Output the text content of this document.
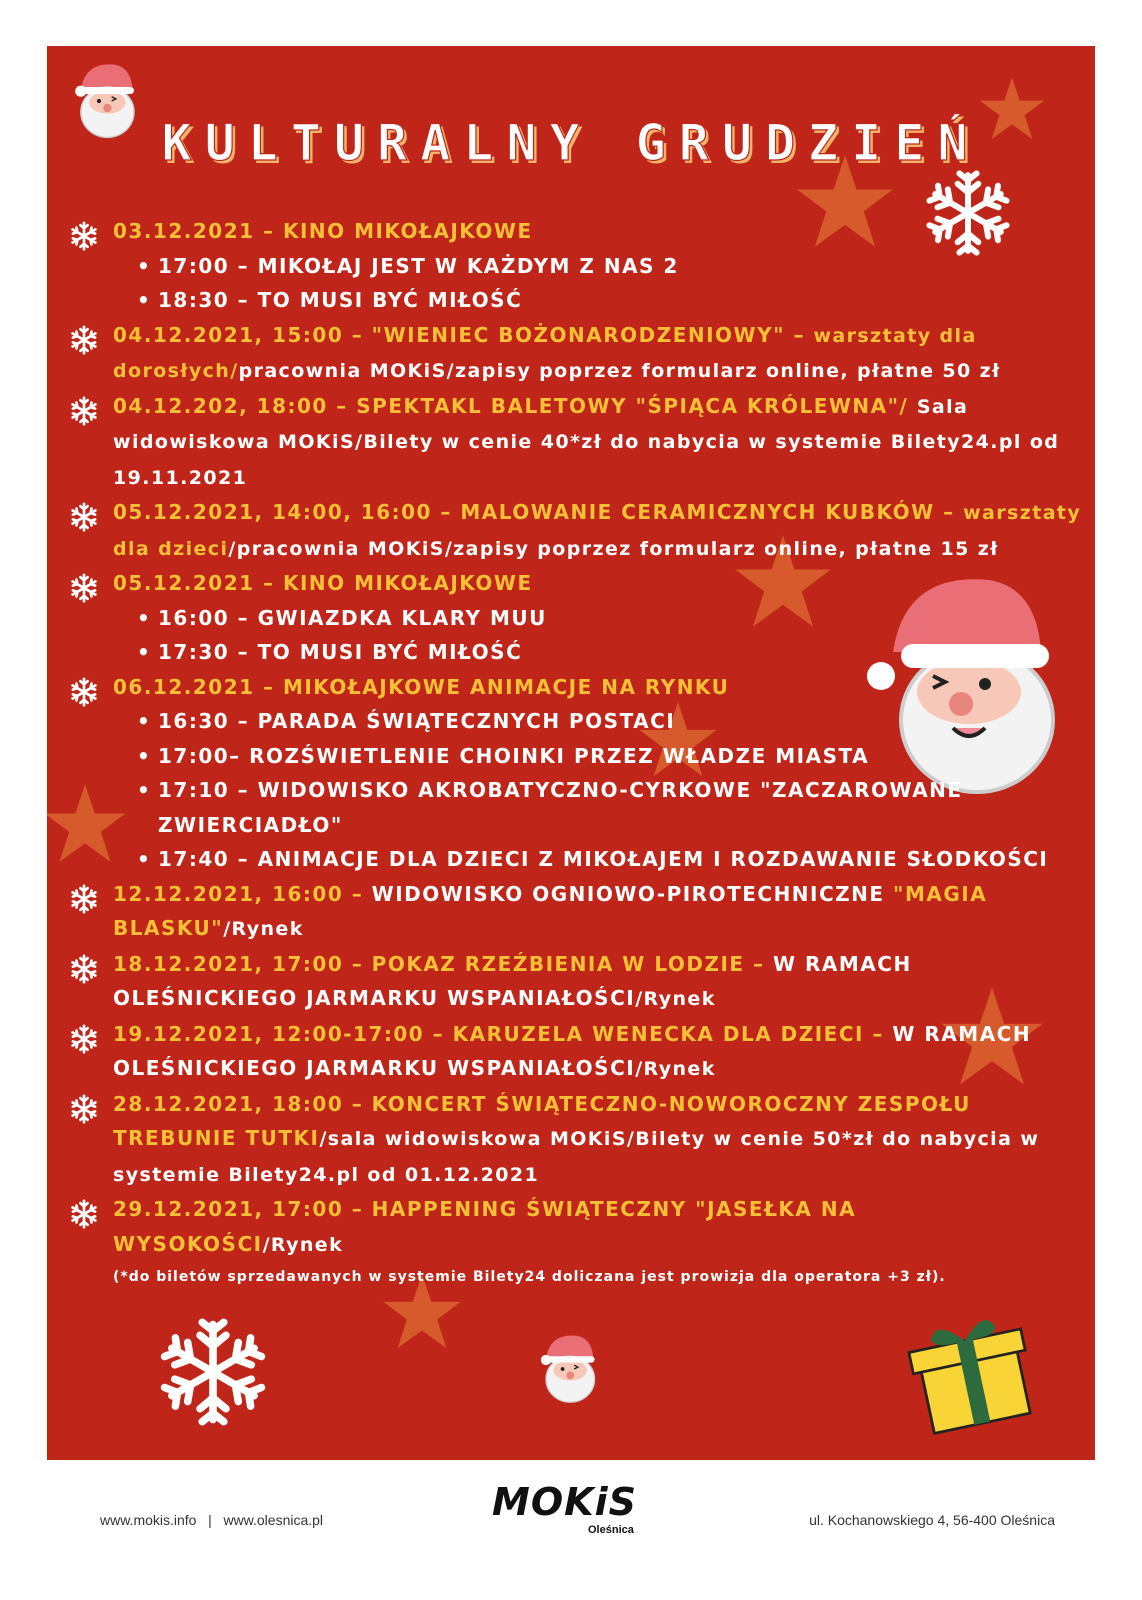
KULTURALNY GRUDZIEŃ
03.12.2021 – KINO MIKOŁAJKOWE
• 17:00 – MIKOŁAJ JEST W KAŻDYM Z NAS 2
• 18:30 – TO MUSI BYĆ MIŁOŚĆ
04.12.2021, 15:00 – "WIENIEC BOŻONARODZENIOWY" – warsztaty dla dorosłych/pracownia MOKiS/zapisy poprzez formularz online, płatne 50 zł
04.12.202, 18:00 – SPEKTAKL BALETOWY "ŚPIĄCA KRÓLEWNA"/ Sala widowiskowa MOKiS/Bilety w cenie 40*zł do nabycia w systemie Bilety24.pl od 19.11.2021
05.12.2021, 14:00, 16:00 – MALOWANIE CERAMICZNYCH KUBKÓW – warsztaty dla dzieci/pracownia MOKiS/zapisy poprzez formularz online, płatne 15 zł
05.12.2021 – KINO MIKOŁAJKOWE
• 16:00 – GWIAZDKA KLARY MUU
• 17:30 – TO MUSI BYĆ MIŁOŚĆ
06.12.2021 – MIKOŁAJKOWE ANIMACJE NA RYNKU
• 16:30 – PARADA ŚWIĄTECZNYCH POSTACI
• 17:00– ROZŚWIETLENIE CHOINKI PRZEZ WŁADZE MIASTA
• 17:10 – WIDOWISKO AKROBATYCZNO-CYRKOWE "ZACZAROWANE ZWIERCIADŁO"
• 17:40 – ANIMACJE DLA DZIECI Z MIKOŁAJEM I ROZDAWANIE SŁODKOŚCI
12.12.2021, 16:00 – WIDOWISKO OGNIOWO-PIROTECHNICZNE "MAGIA BLASKU"/Rynek
18.12.2021, 17:00 – POKAZ RZEŹBIENIA W LODZIE – W RAMACH OLEŚNICKIEGO JARMARKU WSPANIAŁOŚCI/Rynek
19.12.2021, 12:00-17:00 – KARUZELA WENECKA DLA DZIECI – W RAMACH OLEŚNICKIEGO JARMARKU WSPANIAŁOŚCI/Rynek
28.12.2021, 18:00 – KONCERT ŚWIĄTECZNO-NOWOROCZNY ZESPOŁU TREBUNIE TUTKI/sala widowiskowa MOKiS/Bilety w cenie 50*zł do nabycia w systemie Bilety24.pl od 01.12.2021
29.12.2021, 17:00 – HAPPENING ŚWIĄTECZNY "JASEŁKA NA WYSOKOŚCI/Rynek
(*do biletów sprzedawanych w systemie Bilety24 doliczana jest prowizja dla operatora +3 zł).
www.mokis.info   |   www.olesnica.pl	MOKiS
Oleśnica
ul. Kochanowskiego 4, 56-400 Oleśnica
